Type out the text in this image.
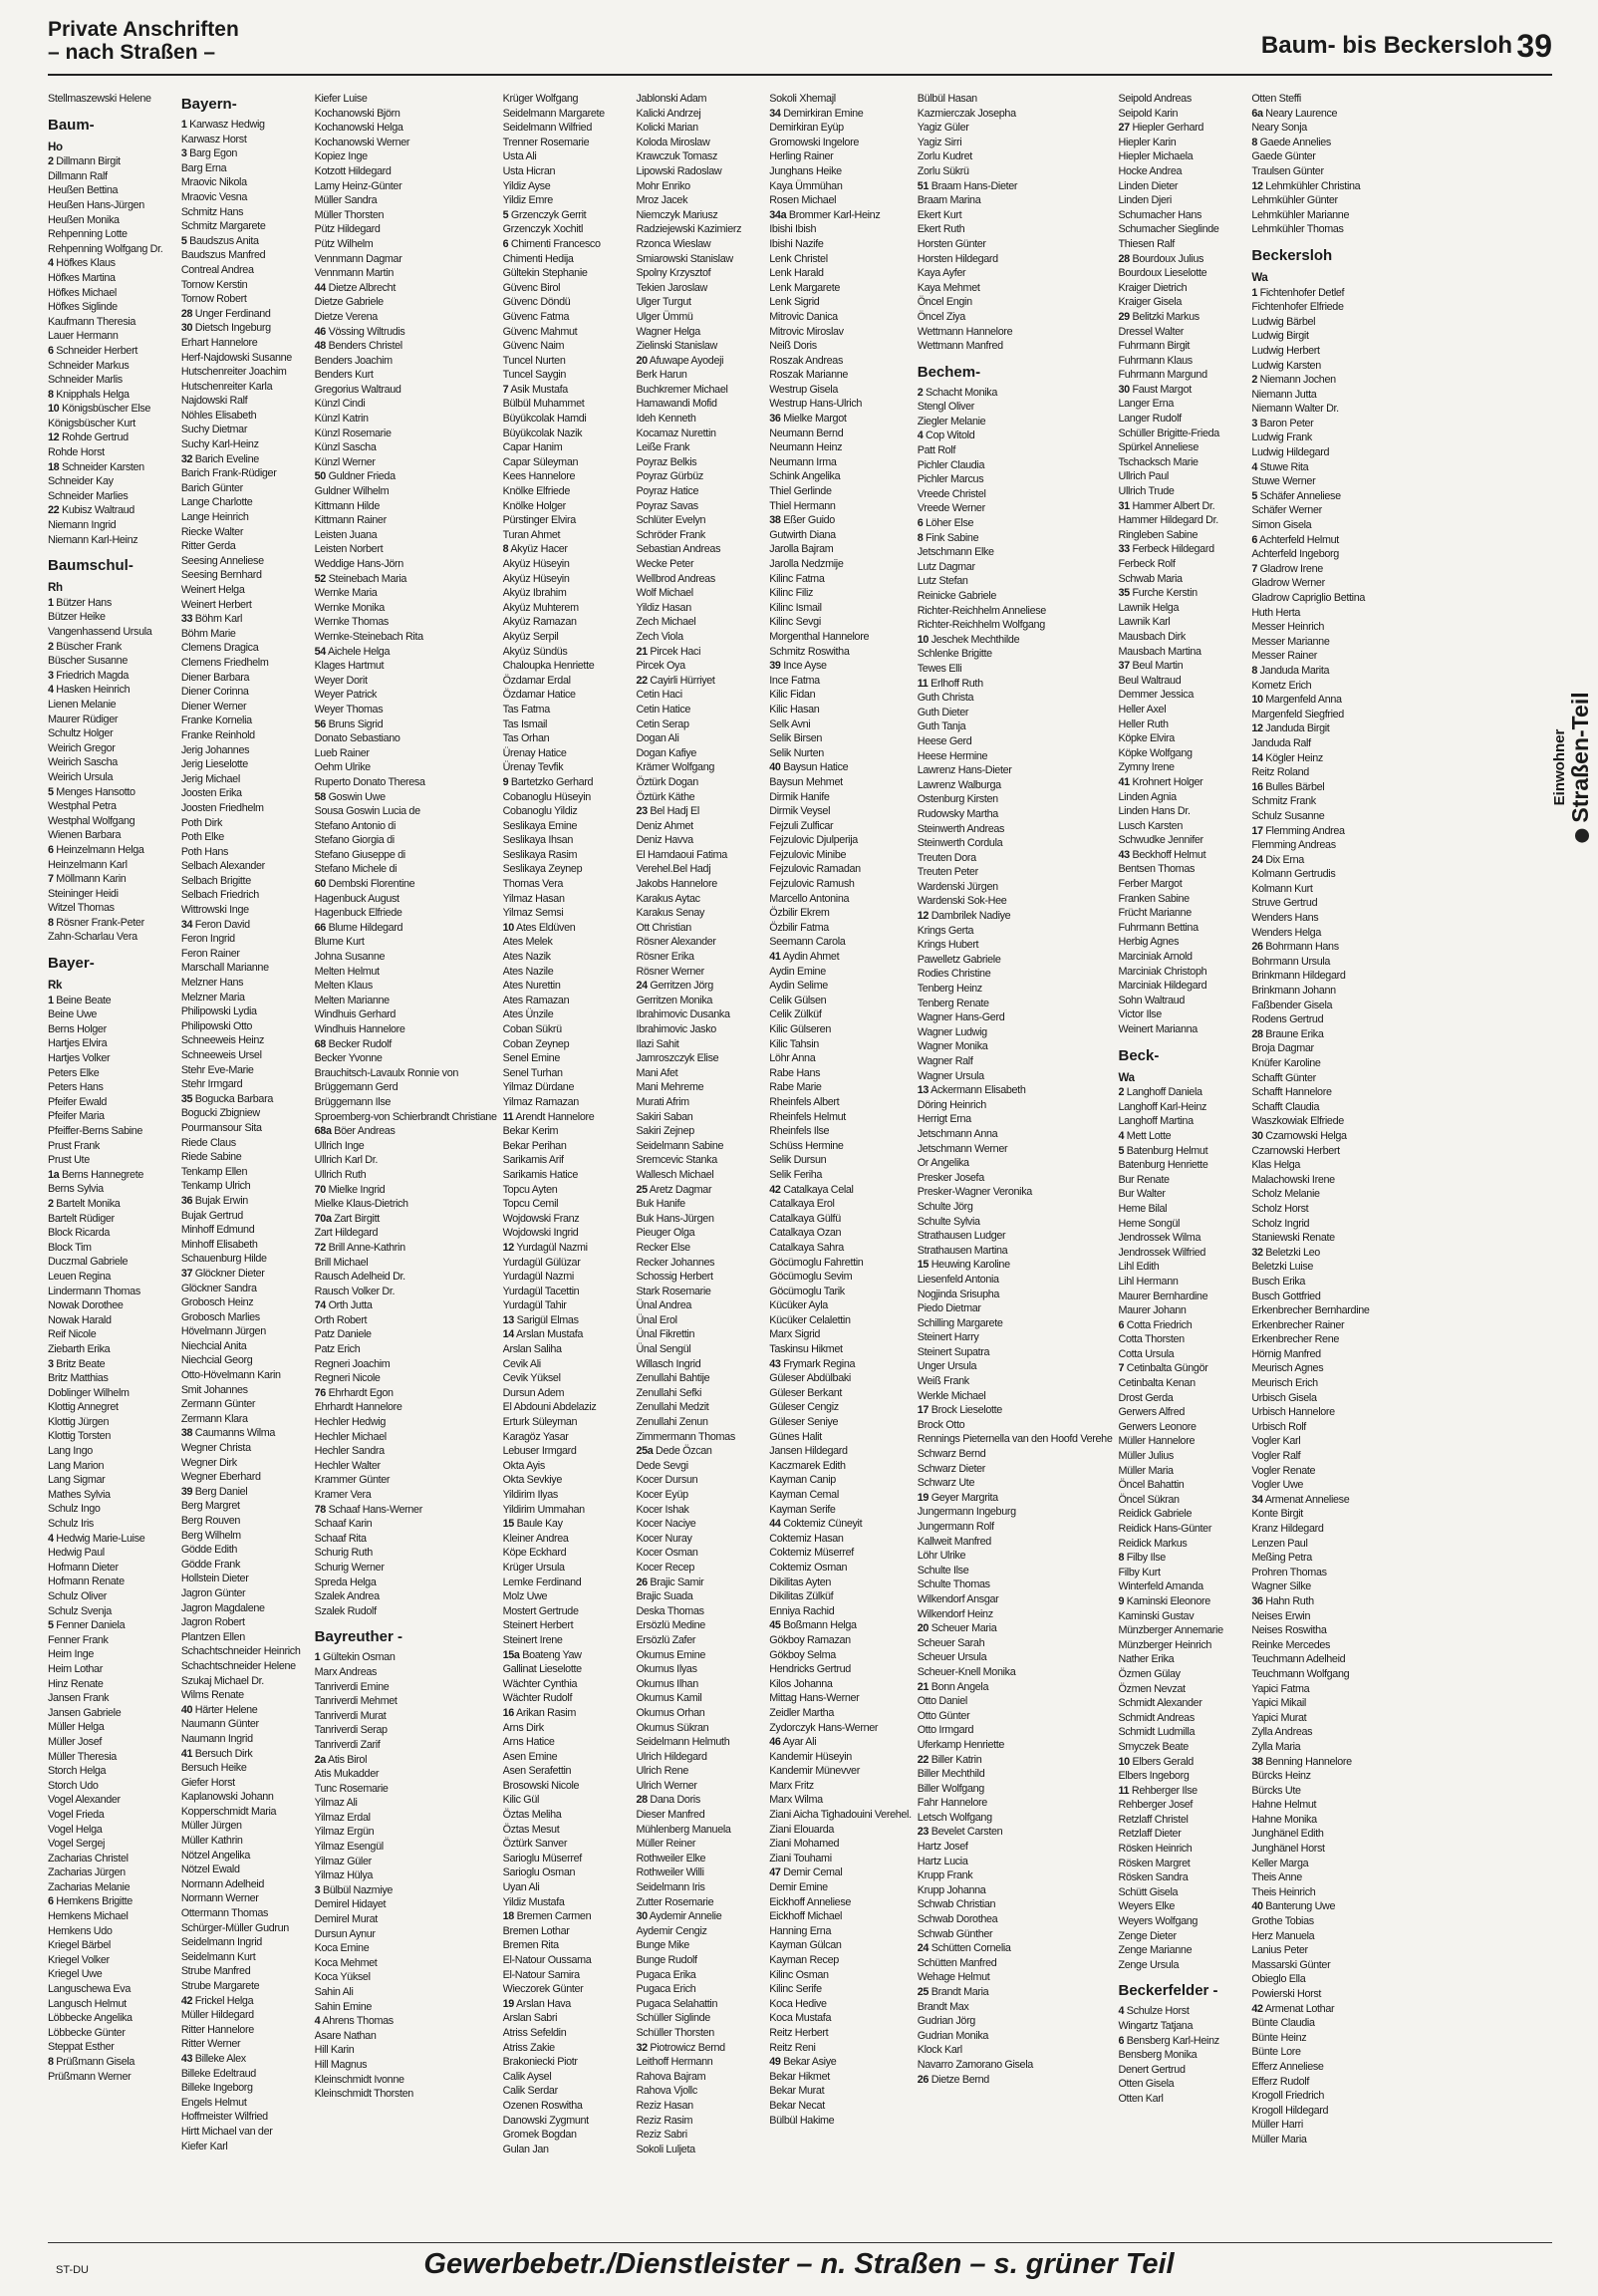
Private Anschriften
– nach Straßen –	Baum- bis Beckersloh 39
Stellmaszewski Helene
Baum-
Ho
2 Dillmann Birgit
Dillmann Ralf
Heußen Bettina
Heußen Hans-Jürgen
Heußen Monika
Rehpenning Lotte
Rehpenning Wolfgang Dr.
4 Höfkes Klaus
Höfkes Martina
Höfkes Michael
Höfkes Siglinde
Kaufmann Theresia
Lauer Hermann
6 Schneider Herbert
Schneider Markus
Schneider Marlis
8 Knipphals Helga
10 Königsbüscher Else
Königsbüscher Kurt
12 Rohde Gertrud
Rohde Horst
18 Schneider Karsten
Schneider Kay
Schneider Marlies
22 Kubisz Waltraud
Niemann Ingrid
Niemann Karl-Heinz
Baumschul-
Rh
1 Bützer Hans
Bützer Heike
Vangenhassend Ursula
2 Büscher Frank
Büscher Susanne
3 Friedrich Magda
4 Hasken Heinrich
Lienen Melanie
Maurer Rüdiger
Schultz Holger
Weirich Gregor
Weirich Sascha
Weirich Ursula
5 Menges Hansotto
Westphal Petra
Westphal Wolfgang
Wienen Barbara
6 Heinzelmann Helga
Heinzelmann Karl
7 Möllmann Karin
Steininger Heidi
Witzel Thomas
8 Rösner Frank-Peter
Zahn-Scharlau Vera
Bayer-
Rk
1 Beine Beate
Beine Uwe
Berns Holger
Hartjes Elvira
Hartjes Volker
Peters Elke
Peters Hans
Pfeifer Ewald
Pfeifer Maria
Pfeiffer-Berns Sabine
Prust Frank
Prust Ute
1a Berns Hannegrete
Berns Sylvia
2 Bartelt Monika
Bartelt Rüdiger
Block Ricarda
Block Tim
Duczmal Gabriele
Leuen Regina
Lindermann Thomas
Nowak Dorothee
Nowak Harald
Reif Nicole
Ziebarth Erika
3 Britz Beate
Britz Matthias
Doblinger Wilhelm
Klottig Annegret
Klottig Jürgen
Klottig Torsten
Lang Ingo
Lang Marion
Lang Sigmar
Mathes Sylvia
Schulz Ingo
Schulz Iris
4 Hedwig Marie-Luise
Hedwig Paul
Hofmann Dieter
Hofmann Renate
Schulz Oliver
Schulz Svenja
5 Fenner Daniela
Fenner Frank
Heim Inge
Heim Lothar
Hinz Renate
Jansen Frank
Jansen Gabriele
Müller Helga
Müller Josef
Müller Theresia
Storch Helga
Storch Udo
Vogel Alexander
Vogel Frieda
Vogel Helga
Vogel Sergej
Zacharias Christel
Zacharias Jürgen
Zacharias Melanie
6 Hemkens Brigitte
Hemkens Michael
Hemkens Udo
Kriegel Bärbel
Kriegel Volker
Kriegel Uwe
Languschewa Eva
Langusch Helmut
Löbbecke Angelika
Löbbecke Günter
Steppat Esther
8 Prüßmann Gisela
Prüßmann Werner
Bayern-
1 Karwasz Hedwig
Karwasz Horst
3 Barg Egon
Barg Erna
Mraovic Nikola
Mraovic Vesna
Schmitz Hans
Schmitz Margarete
5 Baudszus Anita
Baudszus Manfred
Contreal Andrea
Tornow Kerstin
Tornow Robert
28 Unger Ferdinand
30 Dietsch Ingeburg
Erhart Hannelore
Herf-Najdowski Susanne
Hutschenreiter Joachim
Hutschenreiter Karla
Najdowski Ralf
Nöhles Elisabeth
Suchy Dietmar
Suchy Karl-Heinz
32 Barich Eveline
Barich Frank-Rüdiger
Barich Günter
Lange Charlotte
Lange Heinrich
Riecke Walter
Ritter Gerda
Seesing Anneliese
Seesing Bernhard
Weinert Helga
Weinert Herbert
33 Böhm Karl
Böhm Marie
Clemens Dragica
Clemens Friedhelm
Diener Barbara
Diener Corinna
Diener Werner
Franke Kornelia
Franke Reinhold
Jerig Johannes
Jerig Lieselotte
Jerig Michael
Joosten Erika
Joosten Friedhelm
Poth Dirk
Poth Elke
Poth Hans
Selbach Alexander
Selbach Brigitte
Selbach Friedrich
Wittrowski Inge
34 Feron David
Feron Ingrid
Feron Rainer
Marschall Marianne
Melzner Hans
Melzner Maria
Philipowski Lydia
Philipowski Otto
Schneeweis Heinz
Schneeweis Ursel
Stehr Eve-Marie
Stehr Irmgard
35 Bogucka Barbara
Bogucki Zbigniew
Pourmansour Sita
Riede Claus
Riede Sabine
Tenkamp Ellen
Tenkamp Ulrich
36 Bujak Erwin
Bujak Gertrud
Minhoff Edmund
Minhoff Elisabeth
Schauenburg Hilde
37 Glöckner Dieter
Glöckner Sandra
Grobosch Heinz
Grobosch Marlies
Hövelmann Jürgen
Niechcial Anita
Niechcial Georg
Otto-Hövelmann Karin
Smit Johannes
Zermann Günter
Zermann Klara
38 Caumanns Wilma
Wegner Christa
Wegner Dirk
Wegner Eberhard
39 Berg Daniel
Berg Margret
Berg Rouven
Berg Wilhelm
Gödde Edith
Gödde Frank
Hollstein Dieter
Jagron Günter
Jagron Magdalene
Jagron Robert
Plantzen Ellen
Schachtschneider Heinrich
Schachtschneider Helene
Szukaj Michael Dr.
Wilms Renate
40 Härter Helene
Naumann Günter
Naumann Ingrid
41 Bersuch Dirk
Bersuch Heike
Giefer Horst
Kaplanowski Johann
Kopperschmidt Maria
Müller Jürgen
Müller Kathrin
Nötzel Angelika
Nötzel Ewald
Normann Adelheid
Normann Werner
Ottermann Thomas
Schürger-Müller Gudrun
Seidelmann Ingrid
Seidelmann Kurt
Strube Manfred
Strube Margarete
42 Frickel Helga
Müller Hildegard
Ritter Hannelore
Ritter Werner
43 Billeke Alex
Billeke Edeltraud
Billeke Ingeborg
Engels Helmut
Hoffmeister Wilfried
Hirtt Michael van der
Kiefer Karl
Kiefer Luise
Kochanowski Björn
Kochanowski Helga
Kochanowski Werner
Kopiez Inge
Kotzott Hildegard
Lamy Heinz-Günter
Müller Sandra
Müller Thorsten
Pütz Hildegard
Pütz Wilhelm
Vennmann Dagmar
Vennmann Martin
44 Dietze Albrecht
Dietze Gabriele
Dietze Verena
46 Vössing Wiltrudis
48 Benders Christel
Benders Joachim
Benders Kurt
Gregorius Waltraud
Künzl Cindi
Künzl Katrin
Künzl Rosemarie
Künzl Sascha
Künzl Werner
50 Guldner Frieda
Guldner Wilhelm
Kittmann Hilde
Kittmann Rainer
Leisten Juana
Leisten Norbert
Weddige Hans-Jörn
52 Steinebach Maria
Wernke Maria
Wernke Monika
Wernke Thomas
Wernke-Steinebach Rita
54 Aichele Helga
Klages Hartmut
Weyer Dorit
Weyer Patrick
Weyer Thomas
56 Bruns Sigrid
Donato Sebastiano
Lueb Rainer
Oehm Ulrike
Ruperto Donato Theresa
58 Goswin Uwe
Sousa Goswin Lucia de
Stefano Antonio di
Stefano Giorgia di
Stefano Giuseppe di
Stefano Michele di
60 Dembski Florentine
Hagenbuck August
Hagenbuck Elfriede
66 Blume Hildegard
Blume Kurt
Johna Susanne
Melten Helmut
Melten Klaus
Melten Marianne
Windhuis Gerhard
Windhuis Hannelore
68 Becker Rudolf
Becker Yvonne
Brauchitsch-Lavaulx Ronnie von
Brüggemann Gerd
Brüggemann Ilse
Sproemberg-von Schierbrandt Christiane
68a Böer Andreas
Ullrich Inge
Ullrich Karl Dr.
Ullrich Ruth
70 Mielke Ingrid
Mielke Klaus-Dietrich
70a Zart Birgitt
Zart Hildegard
72 Brill Anne-Kathrin
Brill Michael
Rausch Adelheid Dr.
Rausch Volker Dr.
74 Orth Jutta
Orth Robert
Patz Daniele
Patz Erich
Regneri Joachim
Regneri Nicole
76 Ehrhardt Egon
Ehrhardt Hannelore
Hechler Hedwig
Hechler Michael
Hechler Sandra
Hechler Walter
Krammer Günter
Kramer Vera
78 Schaaf Hans-Werner
Schaaf Karin
Schaaf Rita
Schurig Ruth
Schurig Werner
Spreda Helga
Szalek Andrea
Szalek Rudolf
Bayreuther -
1 Gültekin Osman
Marx Andreas
Tanriverdi Emine
Tanriverdi Mehmet
Tanriverdi Murat
Tanriverdi Serap
Tanriverdi Zarif
2a Atis Birol
Atis Mukadder
Tunc Rosemarie
Yilmaz Ali
Yilmaz Erdal
Yilmaz Ergün
Yilmaz Esengül
Yilmaz Güler
Yilmaz Hülya
3 Bülbül Nazmiye
Demirel Hidayet
Demirel Murat
Dursun Aynur
Koca Emine
Koca Mehmet
Koca Yüksel
Sahin Ali
Sahin Emine
4 Ahrens Thomas
Asare Nathan
Hill Karin
Hill Magnus
Kleinschmidt Ivonne
Kleinschmidt Thorsten
Krüger Wolfgang
Seidelmann Margarete
Seidelmann Wilfried
Trenner Rosemarie
Usta Ali
Usta Hicran
Yildiz Ayse
Yildiz Emre
5 Grzenczyk Gerrit
Grzenczyk Xochitl
6 Chimenti Francesco
Chimenti Hedija
Gültekin Stephanie
Güvenc Birol
Güvenc Döndü
Güvenc Fatma
Güvenc Mahmut
Güvenc Naim
Tuncel Nurten
Tuncel Saygin
7 Asik Mustafa
Bülbül Muhammet
Büyükcolak Hamdi
Büyükcolak Nazik
Capar Hanim
Capar Süleyman
Kees Hannelore
Knölke Elfriede
Knölke Holger
Pürstinger Elvira
Turan Ahmet
8 Akyüz Hacer
Akyüz Hüseyin
Akyüz Hüseyin
Akyüz Ibrahim
Akyüz Muhterem
Akyüz Ramazan
Akyüz Serpil
Akyüz Sündüs
Chaloupka Henriette
Özdamar Erdal
Özdamar Hatice
Tas Fatma
Tas Ismail
Tas Orhan
Ürenay Hatice
Ürenay Tevfik
9 Bartetzko Gerhard
Cobanoglu Hüseyin
Cobanoglu Yildiz
Seslikaya Emine
Seslikaya Ihsan
Seslikaya Rasim
Seslikaya Zeynep
Thomas Vera
Yilmaz Hasan
Yilmaz Semsi
10 Ates Eldüven
Ates Melek
Ates Nazik
Ates Nazile
Ates Nurettin
Ates Ramazan
Ates Ünzile
Coban Sükrü
Coban Zeynep
Senel Emine
Senel Turhan
Yilmaz Dürdane
Yilmaz Ramazan
11 Arendt Hannelore
Bekar Kerim
Bekar Perihan
Sarikamis Arif
Sarikamis Hatice
Topcu Ayten
Topcu Cemil
Wojdowski Franz
Wojdowski Ingrid
12 Yurdagül Nazmi
Yurdagül Gülüzar
Yurdagül Nazmi
Yurdagül Tacettin
Yurdagül Tahir
13 Sarigül Elmas
14 Arslan Mustafa
Arslan Saliha
Cevik Ali
Cevik Yüksel
Dursun Adem
El Abdouni Abdelaziz
Erturk Süleyman
Karagöz Yasar
Lebuser Irmgard
Okta Ayis
Okta Sevkiye
Yildirim Ilyas
Yildirim Ummahan
15 Baule Kay
Kleiner Andrea
Köpe Eckhard
Krüger Ursula
Lemke Ferdinand
Molz Uwe
Mostert Gertrude
Steinert Herbert
Steinert Irene
15a Boateng Yaw
Gallinat Lieselotte
Wächter Cynthia
Wächter Rudolf
16 Arikan Rasim
Arns Dirk
Arns Hatice
Asen Emine
Asen Serafettin
Brosowski Nicole
Kilic Gül
Öztas Meliha
Öztas Mesut
Öztürk Sanver
Sarioglu Müserref
Sarioglu Osman
Uyan Ali
Yildiz Mustafa
18 Bremen Carmen
Bremen Lothar
Bremen Rita
El-Natour Oussama
El-Natour Samira
Wieczorek Günter
19 Arslan Hava
Arslan Sabri
Atriss Sefeldin
Atriss Zakie
Brakoniecki Piotr
Calik Aysel
Calik Serdar
Ozenen Roswitha
Danowski Zygmunt
Gromek Bogdan
Gulan Jan
Jablonski Adam
Kalicki Andrzej
Kolicki Marian
Koloda Miroslaw
Krawczuk Tomasz
Lipowski Radoslaw
Mohr Enriko
Mroz Jacek
Niemczyk Mariusz
Radziejewski Kazimierz
Rzonca Wieslaw
Smiarowski Stanislaw
Spolny Krzysztof
Tekien Jaroslaw
Ulger Turgut
Ulger Ümmü
Wagner Helga
Zielinski Stanislaw
20 Afuwape Ayodeji
Berk Harun
Buchkremer Michael
Hamawandi Mofid
Ideh Kenneth
Kocamaz Nurettin
Leiße Frank
Poyraz Belkis
Poyraz Gürbüz
Poyraz Hatice
Poyraz Savas
Schlüter Evelyn
Schröder Frank
Sebastian Andreas
Wecke Peter
Wellbrod Andreas
Wolf Michael
Yildiz Hasan
Zech Michael
Zech Viola
21 Pircek Haci
Pircek Oya
22 Cayirli Hürriyet
Cetin Haci
Cetin Hatice
Cetin Serap
Dogan Ali
Dogan Kafiye
Krämer Wolfgang
Öztürk Dogan
Öztürk Käthe
23 Bel Hadj El
Deniz Ahmet
Deniz Havva
El Hamdaoui Fatima
Verehel.Bel Hadj
Jakobs Hannelore
Karakus Aytac
Karakus Senay
Ott Christian
Rösner Alexander
Rösner Erika
Rösner Werner
24 Gerritzen Jörg
Gerritzen Monika
Ibrahimovic Dusanka
Ibrahimovic Jasko
Ilazi Sahit
Jamroszczyk Elise
Mani Afet
Mani Mehreme
Murati Afrim
Sakiri Saban
Sakiri Zejnep
Seidelmann Sabine
Sremcevic Stanka
Wallesch Michael
25 Aretz Dagmar
Buk Hanife
Buk Hans-Jürgen
Pieuger Olga
Recker Else
Recker Johannes
Schossig Herbert
Stark Rosemarie
Ünal Andrea
Ünal Erol
Ünal Fikrettin
Ünal Sengül
Willasch Ingrid
Zenullahi Bahtije
Zenullahi Sefki
Zenullahi Medzit
Zenullahi Zenun
Zimmermann Thomas
25a Dede Özcan
Dede Sevgi
Kocer Dursun
Kocer Eyüp
Kocer Ishak
Kocer Naciye
Kocer Nuray
Kocer Osman
Kocer Recep
26 Brajic Samir
Brajic Suada
Deska Thomas
Ersözlü Medine
Ersözlü Zafer
Okumus Emine
Okumus Ilyas
Okumus Ilhan
Okumus Kamil
Okumus Orhan
Okumus Sükran
Seidelmann Helmuth
Ulrich Hildegard
Ulrich Rene
Ulrich Werner
28 Dana Doris
Dieser Manfred
Mühlenberg Manuela
Müller Reiner
Rothweiler Elke
Rothweiler Willi
Seidelmann Iris
Zutter Rosemarie
30 Aydemir Annelie
Aydemir Cengiz
Bunge Mike
Bunge Rudolf
Pugaca Erika
Pugaca Erich
Pugaca Selahattin
Schüller Siglinde
Schüller Thorsten
32 Piotrowicz Bernd
Leithoff Hermann
Rahova Bajram
Rahova Vjollc
Reziz Hasan
Reziz Rasim
Reziz Sabri
Sokoli Luljeta
Sokoli Xhemajl
34 Demirkiran Emine
Demirkiran Eyüp
Gromowski Ingelore
Herling Rainer
Junghans Heike
Kaya Ümmühan
Rosen Michael
34a Brommer Karl-Heinz
Ibishi Ibish
Ibishi Nazife
Lenk Christel
Lenk Harald
Lenk Margarete
Lenk Sigrid
Mitrovic Danica
Mitrovic Miroslav
Neiß Doris
Roszak Andreas
Roszak Marianne
Westrup Gisela
Westrup Hans-Ulrich
36 Mielke Margot
Neumann Bernd
Neumann Heinz
Neumann Irma
Schink Angelika
Thiel Gerlinde
Thiel Hermann
38 Eßer Guido
Gutwirth Diana
Jarolla Bajram
Jarolla Nedzmije
Kilinc Fatma
Kilinc Filiz
Kilinc Ismail
Kilinc Sevgi
Morgenthal Hannelore
Schmitz Roswitha
39 Ince Ayse
Ince Fatma
Kilic Fidan
Kilic Hasan
Selk Avni
Selik Birsen
Selik Nurten
40 Baysun Hatice
Baysun Mehmet
Dirmik Hanife
Dirmik Veysel
Fejzuli Zulficar
Fejzulovic Djulperija
Fejzulovic Minibe
Fejzulovic Ramadan
Fejzulovic Ramush
Marcello Antonina
Özbilir Ekrem
Özbilir Fatma
Seemann Carola
41 Aydin Ahmet
Aydin Emine
Aydin Selime
Celik Gülsen
Celik Zülküf
Kilic Gülseren
Kilic Tahsin
Löhr Anna
Rabe Hans
Rabe Marie
Rheinfels Albert
Rheinfels Helmut
Rheinfels Ilse
Schüss Hermine
Selik Dursun
Selik Feriha
42 Catalkaya Celal
Catalkaya Erol
Catalkaya Gülfü
Catalkaya Ozan
Catalkaya Sahra
Göcümoglu Fahrettin
Göcümoglu Sevim
Göcümoglu Tarik
Kücüker Ayla
Kücüker Celalettin
Marx Sigrid
Taskinsu Hikmet
43 Frymark Regina
Güleser Abdülbaki
Güleser Berkant
Güleser Cengiz
Güleser Seniye
Günes Halit
Jansen Hildegard
Kaczmarek Edith
Kayman Canip
Kayman Cemal
Kayman Serife
44 Coktemiz Cüneyit
Coktemiz Hasan
Coktemiz Müserref
Coktemiz Osman
Dikilitas Ayten
Dikilitas Zülküf
Enniya Rachid
45 Boßmann Helga
Gökboy Ramazan
Gökboy Selma
Hendricks Gertrud
Kilos Johanna
Mittag Hans-Werner
Zeidler Martha
Zydorczyk Hans-Werner
46 Ayar Ali
Kandemir Hüseyin
Kandemir Münevver
Marx Fritz
Marx Wilma
Ziani Aicha Tighadouini Verehel.
Ziani Elouarda
Ziani Mohamed
Ziani Touhami
47 Demir Cemal
Demir Emine
Eickhoff Anneliese
Eickhoff Michael
Hanning Erna
Kayman Gülcan
Kayman Recep
Kilinc Osman
Kilinc Serife
Koca Hedive
Koca Mustafa
Reitz Herbert
Reitz Reni
49 Bekar Asiye
Bekar Hikmet
Bekar Murat
Bekar Necat
Bülbül Hakime
Bülbül Hasan
Kazmierczak Josepha
Yagiz Güler
Yagiz Sirri
Zorlu Kudret
Zorlu Sükrü
51 Braam Hans-Dieter
Braam Marina
Ekert Kurt
Ekert Ruth
Horsten Günter
Horsten Hildegard
Kaya Ayfer
Kaya Mehmet
Öncel Engin
Öncel Ziya
Wettmann Hannelore
Wettmann Manfred
Bechem-
2 Schacht Monika
Stengl Oliver
Ziegler Melanie
4 Cop Witold
Patt Rolf
Pichler Claudia
Pichler Marcus
Vreede Christel
Vreede Werner
6 Löher Else
8 Fink Sabine
Jetschmann Elke
Lutz Dagmar
Lutz Stefan
Reinicke Gabriele
Richter-Reichhelm Anneliese
Richter-Reichhelm Wolfgang
10 Jeschek Mechthilde
Schlenke Brigitte
Tewes Elli
11 Erlhoff Ruth
Guth Christa
Guth Dieter
Guth Tanja
Heese Gerd
Heese Hermine
Lawrenz Hans-Dieter
Lawrenz Walburga
Ostenburg Kirsten
Rudowsky Martha
Steinwerth Andreas
Steinwerth Cordula
Treuten Dora
Treuten Peter
Wardenski Jürgen
Wardenski Sok-Hee
12 Dambrilek Nadiye
Krings Gerta
Krings Hubert
Pawelletz Gabriele
Rodies Christine
Tenberg Heinz
Tenberg Renate
Wagner Hans-Gerd
Wagner Ludwig
Wagner Monika
Wagner Ralf
Wagner Ursula
13 Ackermann Elisabeth
Döring Heinrich
Herrigt Erna
Jetschmann Anna
Jetschmann Werner
Or Angelika
Presker Josefa
Presker-Wagner Veronika
Schulte Jörg
Schulte Sylvia
Strathausen Ludger
Strathausen Martina
15 Heuwing Karoline
Liesenfeld Antonia
Nogjinda Srisupha
Piedo Dietmar
Schilling Margarete
Steinert Harry
Steinert Supatra
Unger Ursula
Weiß Frank
Werkle Michael
17 Brock Lieselotte
Brock Otto
Rennings Pieternella van den Hoofd Verehe
Schwarz Bernd
Schwarz Dieter
Schwarz Ute
19 Geyer Margrita
Jungermann Ingeburg
Jungermann Rolf
Kallweit Manfred
Löhr Ulrike
Schulte Ilse
Schulte Thomas
Wilkendorf Ansgar
Wilkendorf Heinz
20 Scheuer Maria
Scheuer Sarah
Scheuer Ursula
Scheuer-Knell Monika
21 Bonn Angela
Otto Daniel
Otto Günter
Otto Irmgard
Uferkamp Henriette
22 Biller Katrin
Biller Mechthild
Biller Wolfgang
Fahr Hannelore
Letsch Wolfgang
23 Bevelet Carsten
Hartz Josef
Hartz Lucia
Krupp Frank
Krupp Johanna
Schwab Christian
Schwab Dorothea
Schwab Günther
24 Schütten Cornelia
Schütten Manfred
Wehage Helmut
25 Brandt Maria
Brandt Max
Gudrian Jörg
Gudrian Monika
Klock Karl
Navarro Zamorano Gisela
26 Dietze Bernd
Seipold Andreas
Seipold Karin
27 Hiepler Gerhard
Hiepler Karin
Hiepler Michaela
Hocke Andrea
Linden Dieter
Linden Djeri
Schumacher Hans
Schumacher Sieglinde
Thiesen Ralf
28 Bourdoux Julius
Bourdoux Lieselotte
Kraiger Dietrich
Kraiger Gisela
29 Belitzki Markus
Dressel Walter
Fuhrmann Birgit
Fuhrmann Klaus
Fuhrmann Margund
30 Faust Margot
Langer Erna
Langer Rudolf
Schüller Brigitte-Frieda
Spürkel Anneliese
Tschacksch Marie
Ullrich Paul
Ullrich Trude
31 Hammer Albert Dr.
Hammer Hildegard Dr.
Ringleben Sabine
33 Ferbeck Hildegard
Ferbeck Rolf
Schwab Maria
35 Furche Kerstin
Lawnik Helga
Lawnik Karl
Mausbach Dirk
Mausbach Martina
37 Beul Martin
Beul Waltraud
Demmer Jessica
Heller Axel
Heller Ruth
Köpke Elvira
Köpke Wolfgang
Zymny Irene
41 Krohnert Holger
Linden Agnia
Linden Hans Dr.
Lusch Karsten
Schwudke Jennifer
43 Beckhoff Helmut
Bentsen Thomas
Ferber Margot
Franken Sabine
Frücht Marianne
Fuhrmann Bettina
Herbig Agnes
Marciniak Arnold
Marciniak Christoph
Marciniak Hildegard
Sohn Waltraud
Victor Ilse
Weinert Marianna
Beck-
Wa
2 Langhoff Daniela
Langhoff Karl-Heinz
Langhoff Martina
4 Mett Lotte
5 Batenburg Helmut
Batenburg Henriette
Bur Renate
Bur Walter
Heme Bilal
Heme Songül
Jendrossek Wilma
Jendrossek Wilfried
Lihl Edith
Lihl Hermann
Maurer Bernhardine
Maurer Johann
6 Cotta Friedrich
Cotta Thorsten
Cotta Ursula
7 Cetinbalta Güngör
Cetinbalta Kenan
Drost Gerda
Gerwers Alfred
Gerwers Leonore
Müller Hannelore
Müller Julius
Müller Maria
Öncel Bahattin
Öncel Sükran
Reidick Gabriele
Reidick Hans-Günter
Reidick Markus
8 Filby Ilse
Filby Kurt
Winterfeld Amanda
9 Kaminski Eleonore
Kaminski Gustav
Münzberger Annemarie
Münzberger Heinrich
Nather Erika
Özmen Gülay
Özmen Nevzat
Schmidt Alexander
Schmidt Andreas
Schmidt Ludmilla
Smyczek Beate
10 Elbers Gerald
Elbers Ingeborg
11 Rehberger Ilse
Rehberger Josef
Retzlaff Christel
Retzlaff Dieter
Rösken Heinrich
Rösken Margret
Rösken Sandra
Schütt Gisela
Weyers Elke
Weyers Wolfgang
Zenge Dieter
Zenge Marianne
Zenge Ursula
Beckerfelder -
4 Schulze Horst
Wingartz Tatjana
6 Bensberg Karl-Heinz
Bensberg Monika
Denert Gertrud
Otten Gisela
Otten Karl
Otten Steffi
6a Neary Laurence
Neary Sonja
8 Gaede Annelies
Gaede Günter
Traulsen Günter
12 Lehmkühler Christina
Lehmkühler Günter
Lehmkühler Marianne
Lehmkühler Thomas
Beckersloh
Wa
1 Fichtenhofer Detlef
Fichtenhofer Elfriede
Ludwig Bärbel
Ludwig Birgit
Ludwig Herbert
Ludwig Karsten
2 Niemann Jochen
Niemann Jutta
Niemann Walter Dr.
3 Baron Peter
Ludwig Frank
Ludwig Hildegard
4 Stuwe Rita
Stuwe Werner
5 Schäfer Anneliese
Schäfer Werner
Simon Gisela
6 Achterfeld Helmut
Achterfeld Ingeborg
7 Gladrow Irene
Gladrow Werner
Gladrow Capriglio Bettina
Huth Herta
Messer Heinrich
Messer Marianne
Messer Rainer
8 Janduda Marita
Kometz Erich
10 Margenfeld Anna
Margenfeld Siegfried
12 Janduda Birgit
Janduda Ralf
14 Kögler Heinz
Reitz Roland
16 Bulles Bärbel
Schmitz Frank
Schulz Susanne
17 Flemming Andrea
Flemming Andreas
24 Dix Erna
Kolmann Gertrudis
Kolmann Kurt
Struve Gertrud
Wenders Hans
Wenders Helga
26 Bohrmann Hans
Bohrmann Ursula
Brinkmann Hildegard
Brinkmann Johann
Faßbender Gisela
Rodens Gertrud
28 Braune Erika
Broja Dagmar
Knüfer Karoline
Schafft Günter
Schafft Hannelore
Schafft Claudia
Waszkowiak Elfriede
30 Czarnowski Helga
Czarnowski Herbert
Klas Helga
Malachowski Irene
Scholz Melanie
Scholz Horst
Scholz Ingrid
Staniewski Renate
32 Beletzki Leo
Beletzki Luise
Busch Erika
Busch Gottfried
Erkenbrecher Bernhardine
Erkenbrecher Rainer
Erkenbrecher Rene
Hörnig Manfred
Meurisch Agnes
Meurisch Erich
Urbisch Gisela
Urbisch Hannelore
Urbisch Rolf
Vogler Karl
Vogler Ralf
Vogler Renate
Vogler Uwe
34 Armenat Anneliese
Konte Birgit
Kranz Hildegard
Lenzen Paul
Meßing Petra
Prohren Thomas
Wagner Silke
36 Hahn Ruth
Neises Erwin
Neises Roswitha
Reinke Mercedes
Teuchmann Adelheid
Teuchmann Wolfgang
Yapici Fatma
Yapici Mikail
Yapici Murat
Zylla Andreas
Zylla Maria
38 Benning Hannelore
Bürcks Heinz
Bürcks Ute
Hahne Helmut
Hahne Monika
Junghänel Edith
Junghänel Horst
Keller Marga
Theis Anne
Theis Heinrich
40 Banterung Uwe
Grothe Tobias
Herz Manuela
Lanius Peter
Massarski Günter
Obieglo Ella
Powierski Horst
42 Armenat Lothar
Bünte Claudia
Bünte Heinz
Bünte Lore
Efferz Anneliese
Efferz Rudolf
Krogoll Friedrich
Krogoll Hildegard
Müller Harri
Müller Maria
Einwohner Straßen-Teil
ST-DU	Gewerbebetr./Dienstleister – n. Straßen – s. grüner Teil
